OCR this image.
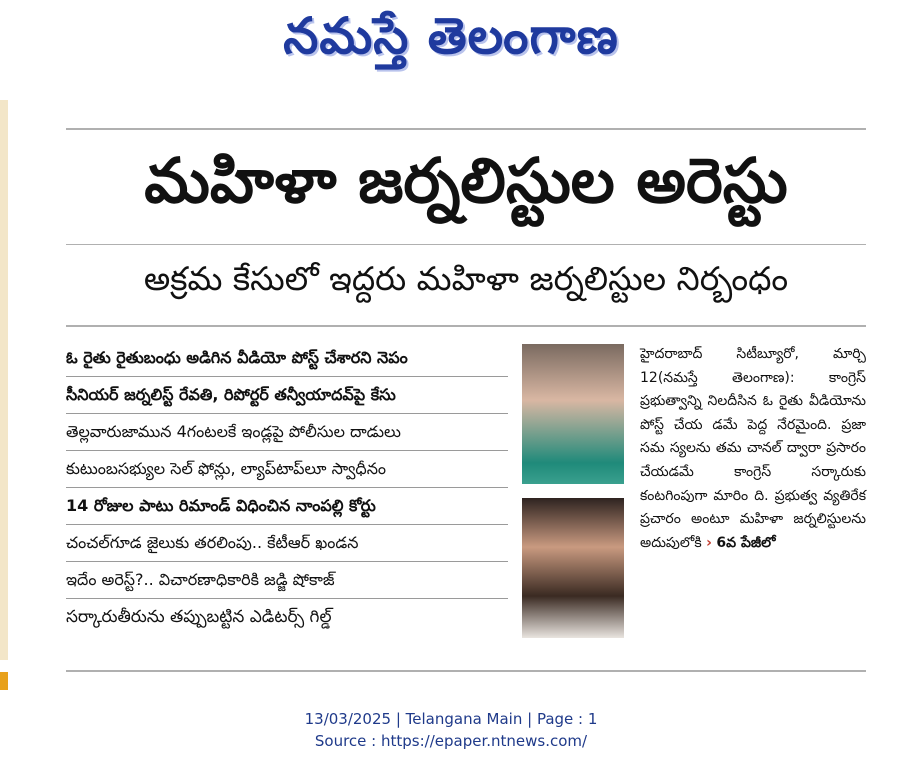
నమస్తే తెలంగాణ
మహిళా జర్నలిస్టుల అరెస్టు
అక్రమ కేసులో ఇద్దరు మహిళా జర్నలిస్టుల నిర్బంధం
ఓ రైతు రైతుబంధు అడిగిన వీడియో పోస్ట్ చేశారని నెపం
సీనియర్ జర్నలిస్ట్ రేవతి, రిపోర్టర్ తన్వీయాదవ్‌పై కేసు
తెల్లవారుజామున 4గంటలకే ఇండ్లపై పోలీసుల దాడులు
కుటుంబసభ్యుల సెల్ ఫోన్లు, ల్యాప్‌టాప్‌లూ స్వాధీనం
14 రోజుల పాటు రిమాండ్ విధించిన నాంపల్లి కోర్టు
చంచల్‌గూడ జైలుకు తరలింపు.. కేటీఆర్ ఖండన
ఇదేం అరెస్ట్?.. విచారణాధికారికి జడ్జి షోకాజ్
సర్కారుతీరును తప్పుబట్టిన ఎడిటర్స్ గిల్డ్

హైదరాబాద్ సిటీబ్యూరో, మార్చి 12(నమస్తే తెలంగాణ): కాంగ్రెస్ ప్రభుత్వాన్ని నిలదీసిన ఓ రైతు వీడియోను పోస్ట్ చేయ డమే పెద్ద నేరమైంది. ప్రజా సమ స్యలను తమ చానల్ ద్వారా ప్రసారం చేయడమే కాంగ్రెస్ సర్కారుకు కంటగింపుగా మారిం ది. ప్రభుత్వ వ్యతిరేక ప్రచారం అంటూ మహిళా జర్నలిస్టులను అదుపులోకి › 6వ పేజీలో

13/03/2025 | Telangana Main | Page : 1
Source : https://epaper.ntnews.com/
